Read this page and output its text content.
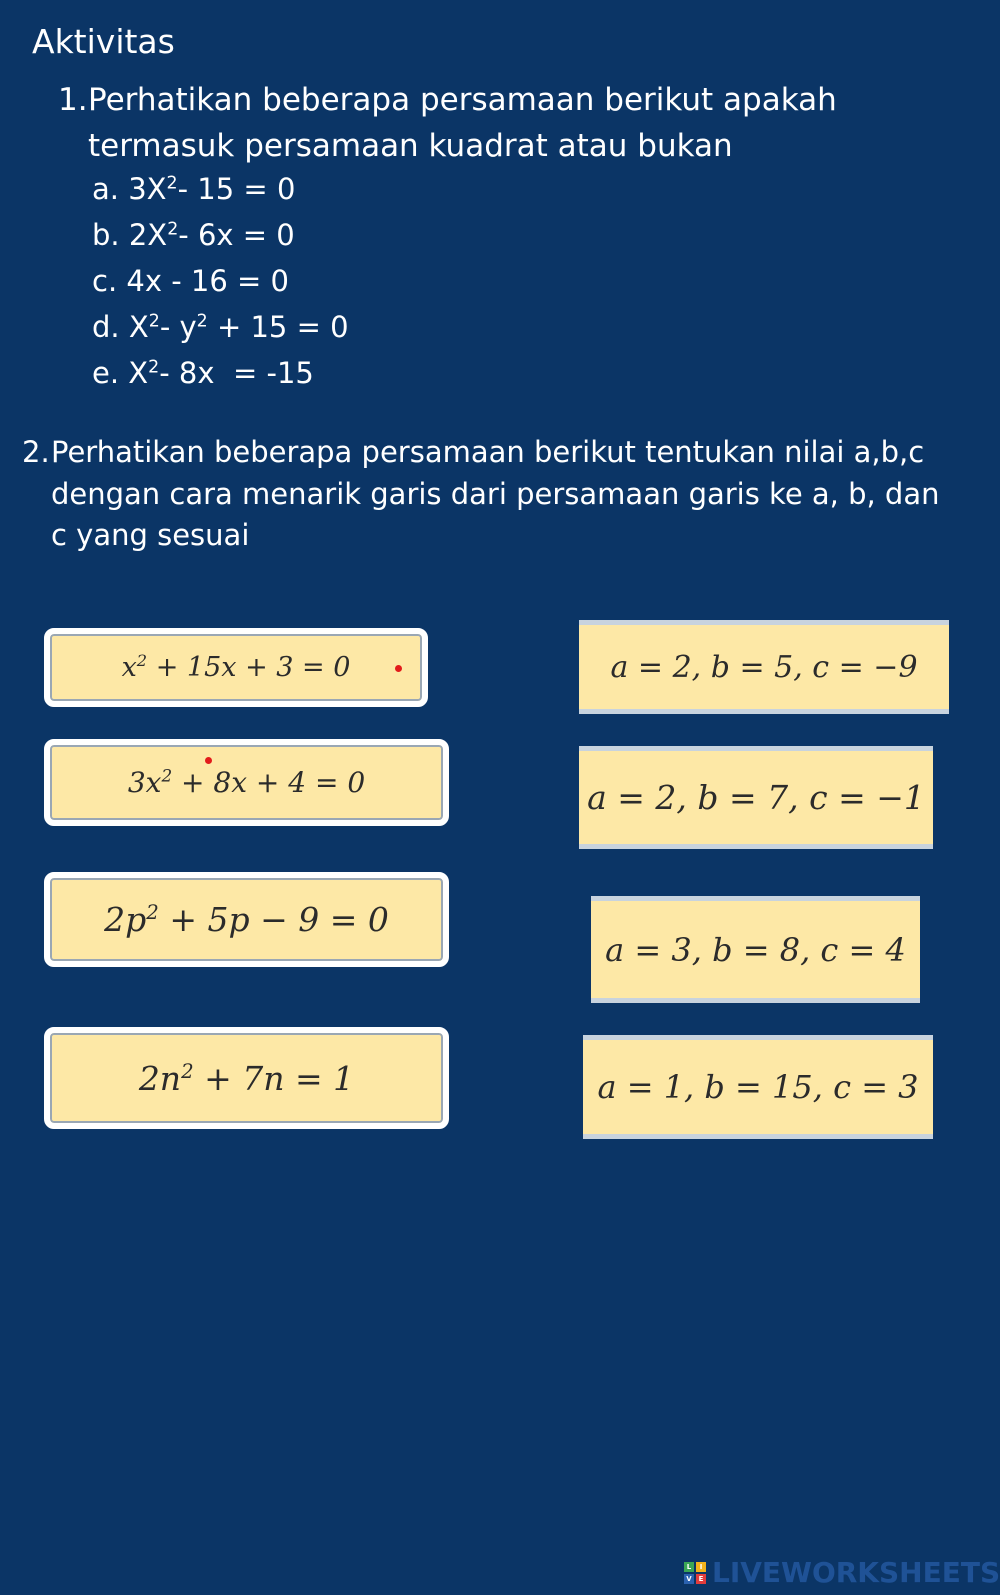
Aktivitas
1. Perhatikan beberapa persamaan berikut apakah termasuk persamaan kuadrat atau bukan
a. $3X^2-$ 15 = 0
b. $2X^2-$ 6x = 0
c. 4x - 16 = 0
d. $X^2-$ $y^2 + 15 = 0$
e. $X^2-$ 8x  = -15
2. Perhatikan beberapa persamaan berikut tentukan nilai a,b,c dengan cara menarik garis dari persamaan garis ke a, b, dan c yang sesuai
$x^2 + 15x + 3 = 0$
$3x^2 + 8x + 4 = 0$
$2p^2 + 5p - 9 = 0$
$2n^2 + 7n = 1$
a = 2, b = 5, c = −9
a = 2, b = 7, c = −1
a = 3, b = 8, c = 4
a = 1, b = 15, c = 3
L	I
V E LIVEWORKSHEETS
